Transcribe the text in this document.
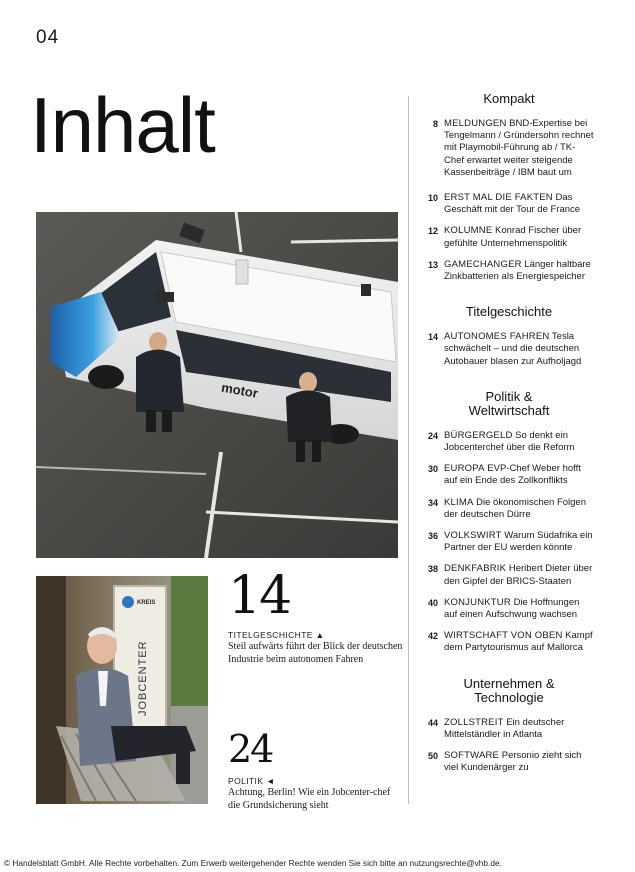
04
Inhalt
motor
KREIS
JOBCENTER
14
TITELGESCHICHTE ▲
Steil aufwärts führt der Blick der deutschen Industrie beim autonomen Fahren
24
POLITIK ◄
Achtung, Berlin! Wie ein Jobcenter-chef die Grundsicherung sieht
Kompakt
8 MELDUNGEN BND-Expertise bei Tengelmann / Gründersohn rechnet mit Playmobil-Führung ab / TK-Chef erwartet weiter steigende Kassenbeiträge / IBM baut um
10 ERST MAL DIE FAKTEN Das Geschäft mit der Tour de France
12 KOLUMNE Konrad Fischer über gefühlte Unternehmenspolitik
13 GAMECHANGER Länger haltbare Zinkbatterien als Energiespeicher
Titelgeschichte
14 AUTONOMES FAHREN Tesla schwächelt – und die deutschen Autobauer blasen zur Aufholjagd
Politik & Weltwirtschaft
24 BÜRGERGELD So denkt ein Jobcenterchef über die Reform
30 EUROPA EVP-Chef Weber hofft auf ein Ende des Zollkonflikts
34 KLIMA Die ökonomischen Folgen der deutschen Dürre
36 VOLKSWIRT Warum Südafrika ein Partner der EU werden könnte
38 DENKFABRIK Heribert Dieter über den Gipfel der BRICS-Staaten
40 KONJUNKTUR Die Hoffnungen auf einen Aufschwung wachsen
42 WIRTSCHAFT VON OBEN Kampf dem Partytourismus auf Mallorca
Unternehmen & Technologie
44 ZOLLSTREIT Ein deutscher Mittelständler in Atlanta
50 SOFTWARE Personio zieht sich viel Kundenärger zu
© Handelsblatt GmbH. Alle Rechte vorbehalten. Zum Erwerb weitergehender Rechte wenden Sie sich bitte an nutzungsrechte@vhb.de.
